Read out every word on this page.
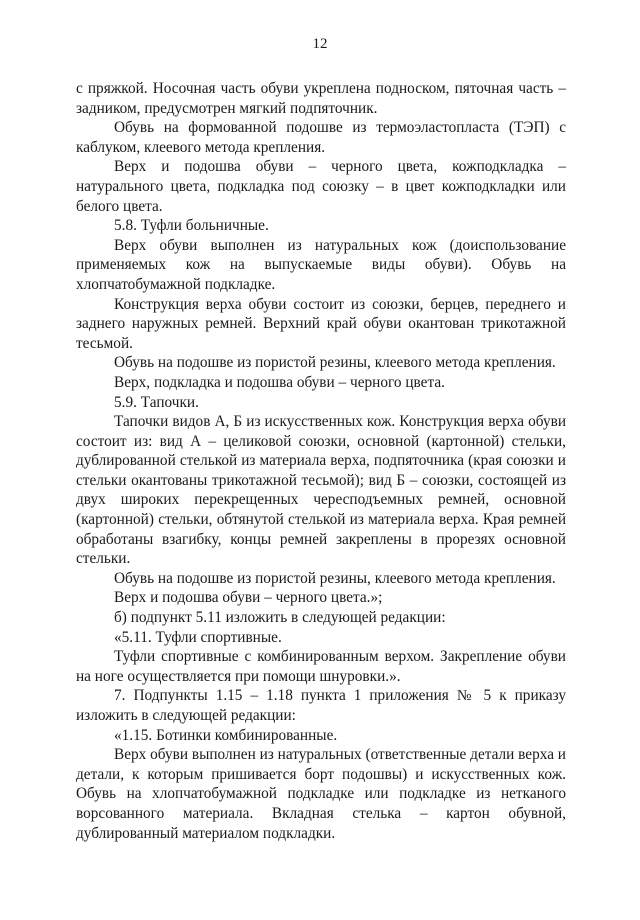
12

с пряжкой. Носочная часть обуви укреплена подноском, пяточная часть – задником, предусмотрен мягкий подпяточник.

Обувь на формованной подошве из термоэластопласта (ТЭП) с каблуком, клеевого метода крепления.

Верх и подошва обуви – черного цвета, кожподкладка – натурального цвета, подкладка под союзку – в цвет кожподкладки или белого цвета.

5.8. Туфли больничные.

Верх обуви выполнен из натуральных кож (доиспользование применяемых кож на выпускаемые виды обуви). Обувь на хлопчатобумажной подкладке.

Конструкция верха обуви состоит из союзки, берцев, переднего и заднего наружных ремней. Верхний край обуви окантован трикотажной тесьмой.

Обувь на подошве из пористой резины, клеевого метода крепления.

Верх, подкладка и подошва обуви – черного цвета.

5.9. Тапочки.

Тапочки видов А, Б из искусственных кож. Конструкция верха обуви состоит из: вид А – целиковой союзки, основной (картонной) стельки, дублированной стелькой из материала верха, подпяточника (края союзки и стельки окантованы трикотажной тесьмой); вид Б – союзки, состоящей из двух широких перекрещенных чересподъемных ремней, основной (картонной) стельки, обтянутой стелькой из материала верха. Края ремней обработаны взагибку, концы ремней закреплены в прорезях основной стельки.

Обувь на подошве из пористой резины, клеевого метода крепления.

Верх и подошва обуви – черного цвета.»;

б) подпункт 5.11 изложить в следующей редакции:

«5.11. Туфли спортивные.

Туфли спортивные с комбинированным верхом. Закрепление обуви на ноге осуществляется при помощи шнуровки.».

7. Подпункты 1.15 – 1.18 пункта 1 приложения № 5 к приказу изложить в следующей редакции:

«1.15. Ботинки комбинированные.

Верх обуви выполнен из натуральных (ответственные детали верха и детали, к которым пришивается борт подошвы) и искусственных кож. Обувь на хлопчатобумажной подкладке или подкладке из нетканого ворсованного материала. Вкладная стелька – картон обувной, дублированный материалом подкладки.
